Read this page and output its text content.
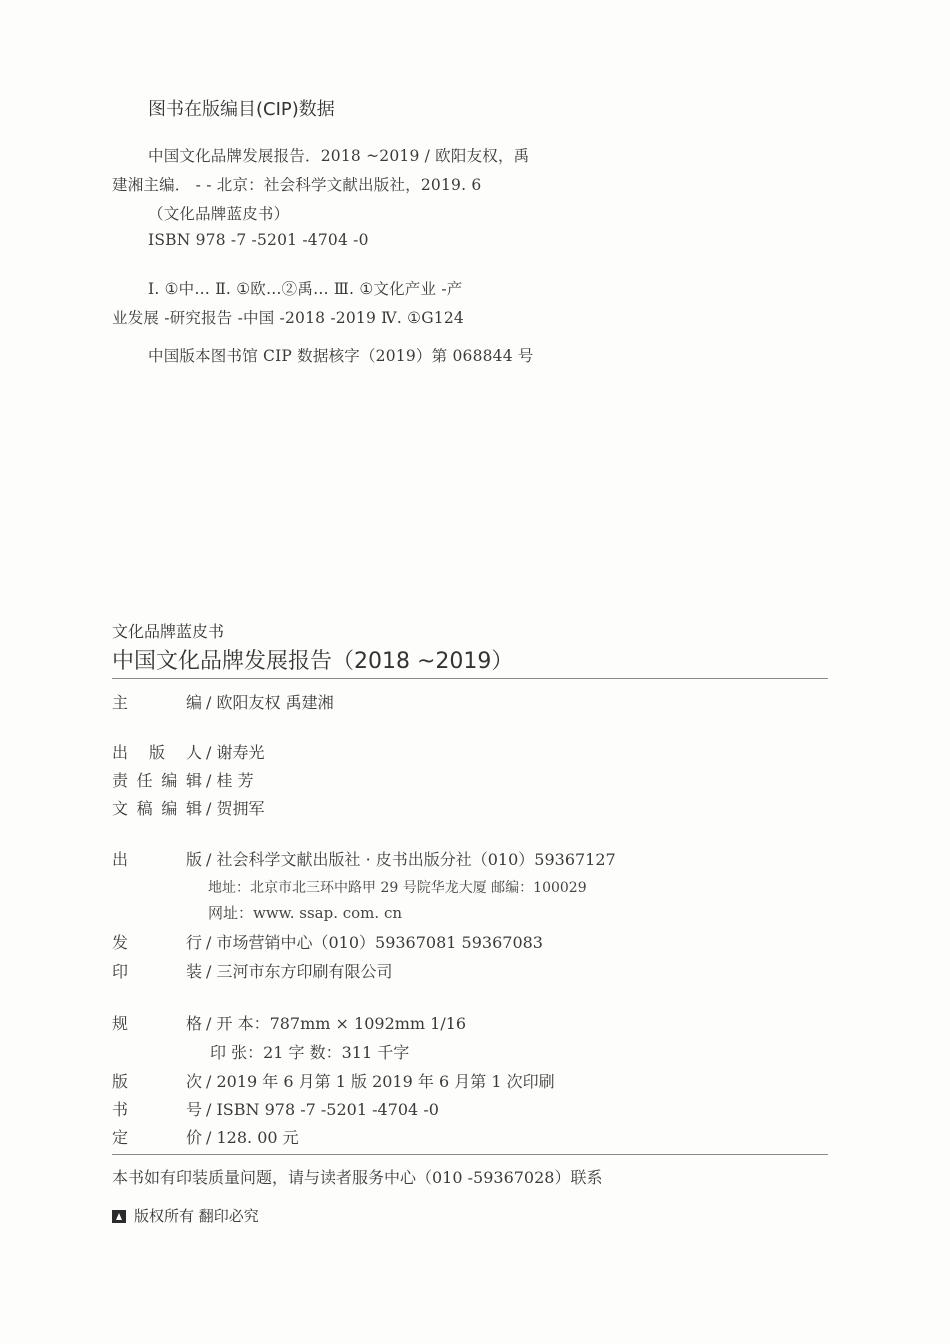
图书在版编目(CIP)数据
中国文化品牌发展报告．2018 ~2019 / 欧阳友权，禹
建湘主编． - - 北京：社会科学文献出版社，2019. 6
（文化品牌蓝皮书）
ISBN 978 -7 -5201 -4704 -0
Ⅰ. ①中… Ⅱ. ①欧…②禹… Ⅲ. ①文化产业 -产
业发展 -研究报告 -中国 -2018 -2019 Ⅳ. ①G124
中国版本图书馆 CIP 数据核字（2019）第 068844 号
文化品牌蓝皮书
中国文化品牌发展报告（2018 ~2019）
主 编 / 欧阳友权 禹建湘
出版人 / 谢寿光
责任编辑 / 桂 芳
文稿编辑 / 贺拥军
出 版 / 社会科学文献出版社 · 皮书出版分社（010）59367127
地址：北京市北三环中路甲 29 号院华龙大厦 邮编：100029
网址：www. ssap. com. cn
发 行 / 市场营销中心（010）59367081 59367083
印 装 / 三河市东方印刷有限公司
规 格 / 开 本：787mm × 1092mm 1/16
印 张：21 字 数：311 千字
版 次 / 2019 年 6 月第 1 版 2019 年 6 月第 1 次印刷
书 号 / ISBN 978 -7 -5201 -4704 -0
定 价 / 128. 00 元
本书如有印装质量问题，请与读者服务中心（010 -59367028）联系
版权所有 翻印必究
